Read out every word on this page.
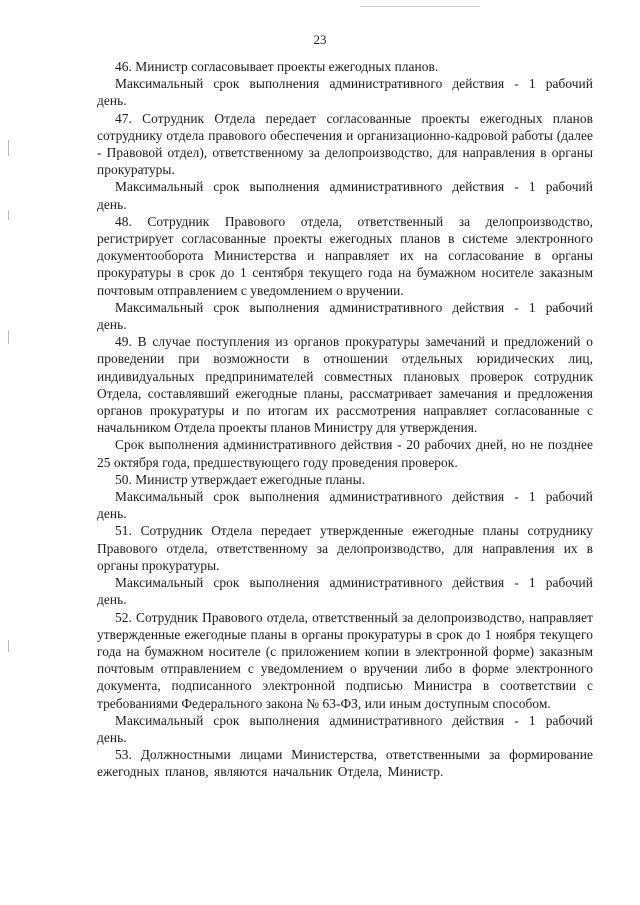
23

46. Министр согласовывает проекты ежегодных планов.

Максимальный срок выполнения административного действия - 1 рабочий день.

47. Сотрудник Отдела передает согласованные проекты ежегодных планов сотруднику отдела правового обеспечения и организационно-кадровой работы (далее - Правовой отдел), ответственному за делопроизводство, для направления в органы прокуратуры.

Максимальный срок выполнения административного действия - 1 рабочий день.

48. Сотрудник Правового отдела, ответственный за делопроизводство, регистрирует согласованные проекты ежегодных планов в системе электронного документооборота Министерства и направляет их на согласование в органы прокуратуры в срок до 1 сентября текущего года на бумажном носителе заказным почтовым отправлением с уведомлением о вручении.

Максимальный срок выполнения административного действия - 1 рабочий день.

49. В случае поступления из органов прокуратуры замечаний и предложений о проведении при возможности в отношении отдельных юридических лиц, индивидуальных предпринимателей совместных плановых проверок сотрудник Отдела, составлявший ежегодные планы, рассматривает замечания и предложения органов прокуратуры и по итогам их рассмотрения направляет согласованные с начальником Отдела проекты планов Министру для утверждения.

Срок выполнения административного действия - 20 рабочих дней, но не позднее 25 октября года, предшествующего году проведения проверок.

50. Министр утверждает ежегодные планы.

Максимальный срок выполнения административного действия - 1 рабочий день.

51. Сотрудник Отдела передает утвержденные ежегодные планы сотруднику Правового отдела, ответственному за делопроизводство, для направления их в органы прокуратуры.

Максимальный срок выполнения административного действия - 1 рабочий день.

52. Сотрудник Правового отдела, ответственный за делопроизводство, направляет утвержденные ежегодные планы в органы прокуратуры в срок до 1 ноября текущего года на бумажном носителе (с приложением копии в электронной форме) заказным почтовым отправлением с уведомлением о вручении либо в форме электронного документа, подписанного электронной подписью Министра в соответствии с требованиями Федерального закона № 63-ФЗ, или иным доступным способом.

Максимальный срок выполнения административного действия - 1 рабочий день.

53. Должностными лицами Министерства, ответственными за формирование ежегодных планов, являются начальник Отдела, Министр.
